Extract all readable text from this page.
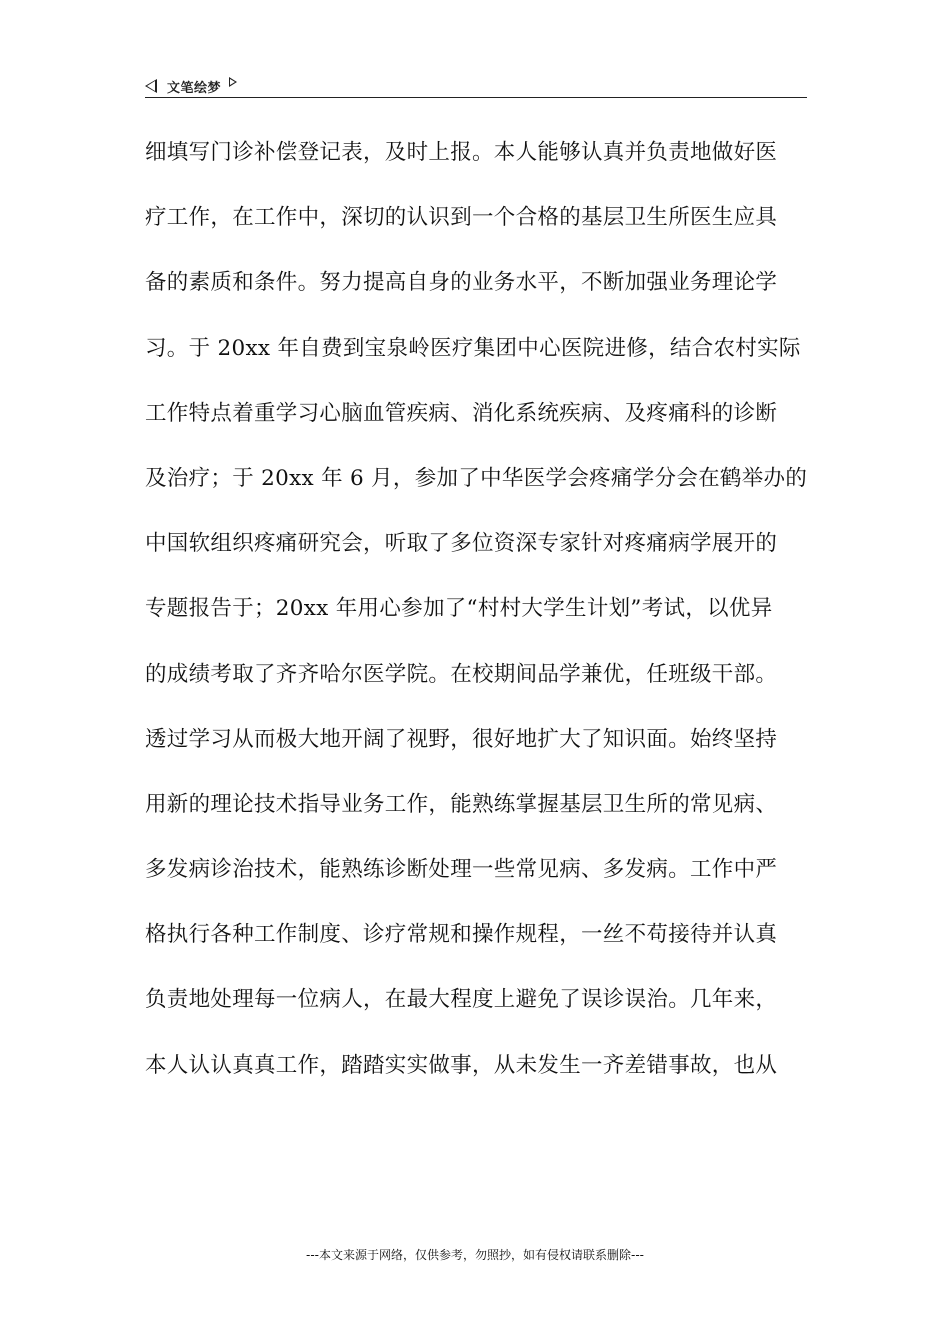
文笔绘梦
细填写门诊补偿登记表，及时上报。本人能够认真并负责地做好医
疗工作，在工作中，深切的认识到一个合格的基层卫生所医生应具
备的素质和条件。努力提高自身的业务水平，不断加强业务理论学
习。于 20xx 年自费到宝泉岭医疗集团中心医院进修，结合农村实际
工作特点着重学习心脑血管疾病、消化系统疾病、及疼痛科的诊断
及治疗；于 20xx 年 6 月，参加了中华医学会疼痛学分会在鹤举办的
中国软组织疼痛研究会，听取了多位资深专家针对疼痛病学展开的
专题报告于；20xx 年用心参加了“村村大学生计划”考试，以优异
的成绩考取了齐齐哈尔医学院。在校期间品学兼优，任班级干部。
透过学习从而极大地开阔了视野，很好地扩大了知识面。始终坚持
用新的理论技术指导业务工作，能熟练掌握基层卫生所的常见病、
多发病诊治技术，能熟练诊断处理一些常见病、多发病。工作中严
格执行各种工作制度、诊疗常规和操作规程，一丝不苟接待并认真
负责地处理每一位病人，在最大程度上避免了误诊误治。几年来，
本人认认真真工作，踏踏实实做事，从未发生一齐差错事故，也从
---本文来源于网络，仅供参考，勿照抄，如有侵权请联系删除---
